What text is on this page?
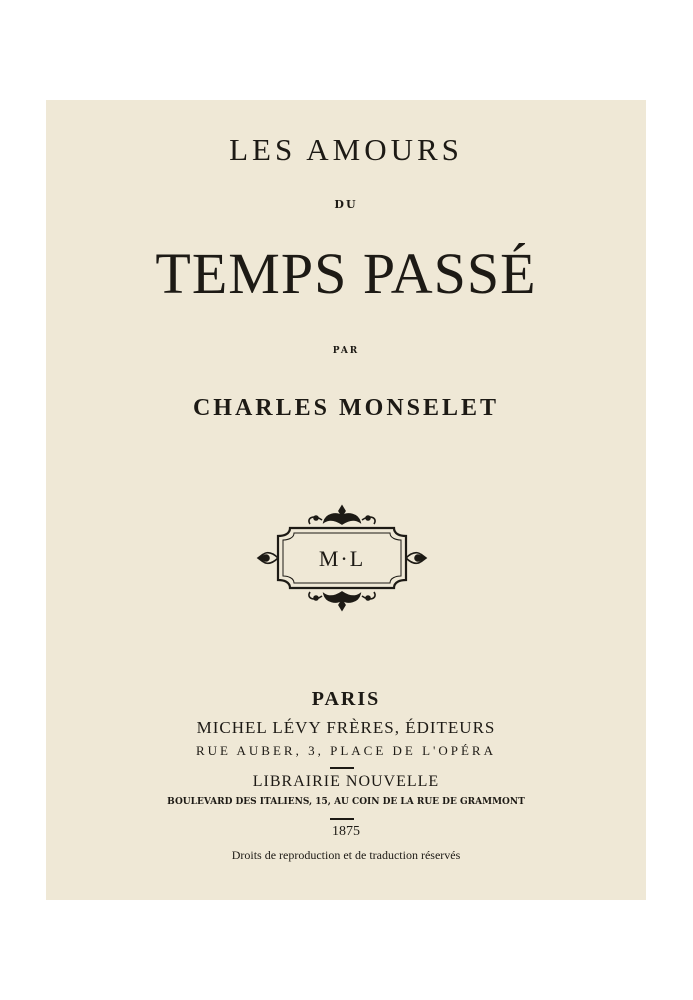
LES AMOURS
DU
TEMPS PASSÉ
PAR
CHARLES MONSELET
M·L
PARIS
MICHEL LÉVY FRÈRES, ÉDITEURS
RUE AUBER, 3, PLACE DE L'OPÉRA
LIBRAIRIE NOUVELLE
BOULEVARD DES ITALIENS, 15, AU COIN DE LA RUE DE GRAMMONT
1875
Droits de reproduction et de traduction réservés
